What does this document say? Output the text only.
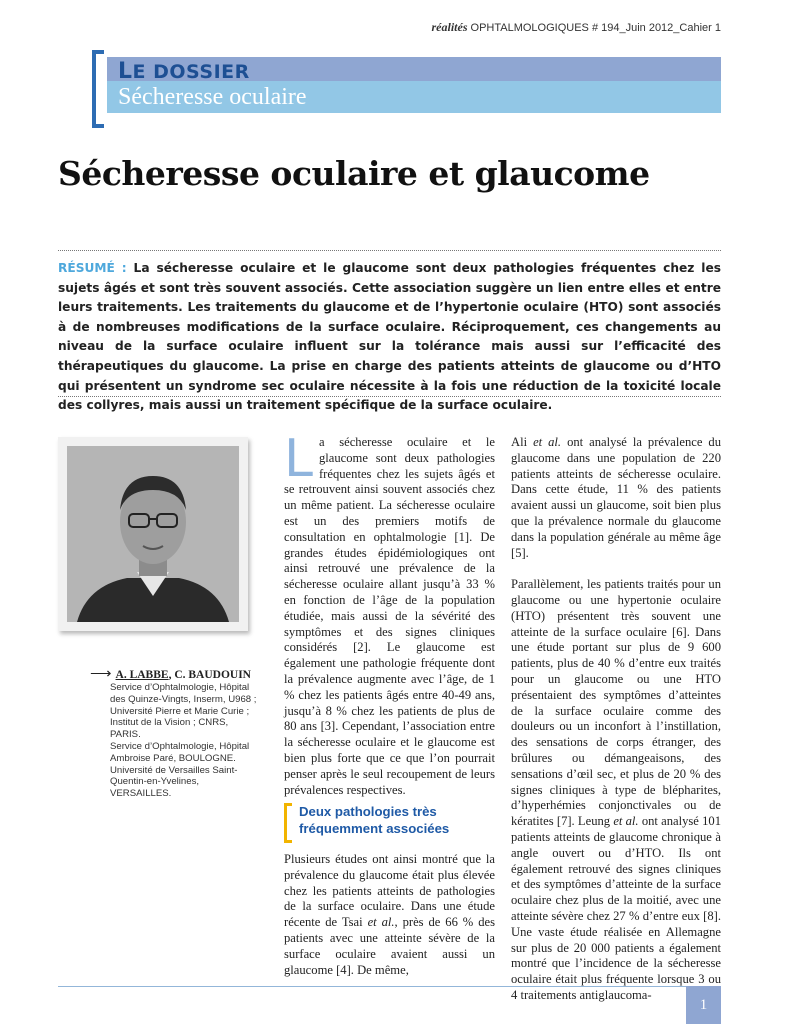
réalités OPHTALMOLOGIQUES # 194_Juin 2012_Cahier 1
LE DOSSIER
Sécheresse oculaire
Sécheresse oculaire et glaucome
RÉSUMÉ : La sécheresse oculaire et le glaucome sont deux pathologies fréquentes chez les sujets âgés et sont très souvent associés. Cette association suggère un lien entre elles et entre leurs traitements. Les traitements du glaucome et de l’hypertonie oculaire (HTO) sont associés à de nombreuses modifications de la surface oculaire. Réciproquement, ces changements au niveau de la surface oculaire influent sur la tolérance mais aussi sur l’efficacité des thérapeutiques du glaucome. La prise en charge des patients atteints de glaucome ou d’HTO qui présentent un syndrome sec oculaire nécessite à la fois une réduction de la toxicité locale des collyres, mais aussi un traitement spécifique de la surface oculaire.
⟶ A. LABBE, C. BAUDOUIN
Service d’Ophtalmologie, Hôpital des Quinze-Vingts, Inserm, U968 ; Université Pierre et Marie Curie ; Institut de la Vision ; CNRS, PARIS.
Service d’Ophtalmologie, Hôpital Ambroise Paré, BOULOGNE.
Université de Versailles Saint-Quentin-en-Yvelines, VERSAILLES.

La sécheresse oculaire et le glaucome sont deux pathologies fréquentes chez les sujets âgés et se retrouvent ainsi souvent associés chez un même patient. La sécheresse oculaire est un des premiers motifs de consultation en ophtalmologie [1]. De grandes études épidémiologiques ont ainsi retrouvé une prévalence de la sécheresse oculaire allant jusqu’à 33 % en fonction de l’âge de la population étudiée, mais aussi de la sévérité des symptômes et des signes cliniques considérés [2]. Le glaucome est également une pathologie fréquente dont la prévalence augmente avec l’âge, de 1 % chez les patients âgés entre 40-49 ans, jusqu’à 8 % chez les patients de plus de 80 ans [3]. Cependant, l’association entre la sécheresse oculaire et le glaucome est bien plus forte que ce que l’on pourrait penser après le seul recoupement de leurs prévalences respectives.

Deux pathologies très fréquemment associées

Plusieurs études ont ainsi montré que la prévalence du glaucome était plus élevée chez les patients atteints de pathologies de la surface oculaire. Dans une étude récente de Tsai et al., près de 66 % des patients avec une atteinte sévère de la surface oculaire avaient aussi un glaucome [4]. De même,

Ali et al. ont analysé la prévalence du glaucome dans une population de 220 patients atteints de sécheresse oculaire. Dans cette étude, 11 % des patients avaient aussi un glaucome, soit bien plus que la prévalence normale du glaucome dans la population générale au même âge [5].

Parallèlement, les patients traités pour un glaucome ou une hypertonie oculaire (HTO) présentent très souvent une atteinte de la surface oculaire [6]. Dans une étude portant sur plus de 9 600 patients, plus de 40 % d’entre eux traités pour un glaucome ou une HTO présentaient des symptômes d’atteintes de la surface oculaire comme des douleurs ou un inconfort à l’instillation, des sensations de corps étranger, des brûlures ou démangeaisons, des sensations d’œil sec, et plus de 20 % des signes cliniques à type de blépharites, d’hyperhémies conjonctivales ou de kératites [7]. Leung et al. ont analysé 101 patients atteints de glaucome chronique à angle ouvert ou d’HTO. Ils ont également retrouvé des signes cliniques et des symptômes d’atteinte de la surface oculaire chez plus de la moitié, avec une atteinte sévère chez 27 % d’entre eux [8]. Une vaste étude réalisée en Allemagne sur plus de 20 000 patients a également montré que l’incidence de la sécheresse oculaire était plus fréquente lorsque 3 ou 4 traitements antiglaucoma-

1
